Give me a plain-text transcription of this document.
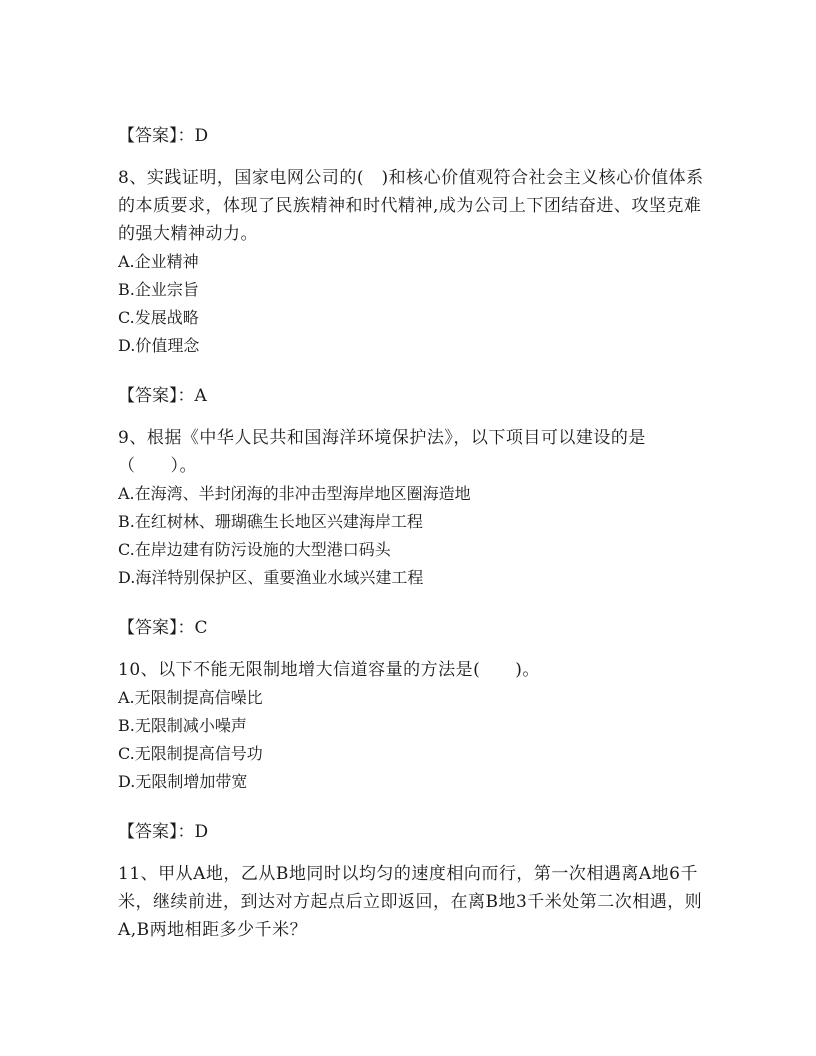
【答案】：D

8、实践证明，国家电网公司的(　)和核心价值观符合社会主义核心价值体系的本质要求，体现了民族精神和时代精神,成为公司上下团结奋进、攻坚克难的强大精神动力。

A.企业精神

B.企业宗旨

C.发展战略

D.价值理念

【答案】：A

9、根据《中华人民共和国海洋环境保护法》，以下项目可以建设的是（　　）。

A.在海湾、半封闭海的非冲击型海岸地区圈海造地

B.在红树林、珊瑚礁生长地区兴建海岸工程

C.在岸边建有防污设施的大型港口码头

D.海洋特别保护区、重要渔业水域兴建工程

【答案】：C

10、以下不能无限制地增大信道容量的方法是(　　)。

A.无限制提高信噪比

B.无限制减小噪声

C.无限制提高信号功

D.无限制增加带宽

【答案】：D

11、甲从A地，乙从B地同时以均匀的速度相向而行，第一次相遇离A地6千米，继续前进，到达对方起点后立即返回，在离B地3千米处第二次相遇，则A,B两地相距多少千米？
